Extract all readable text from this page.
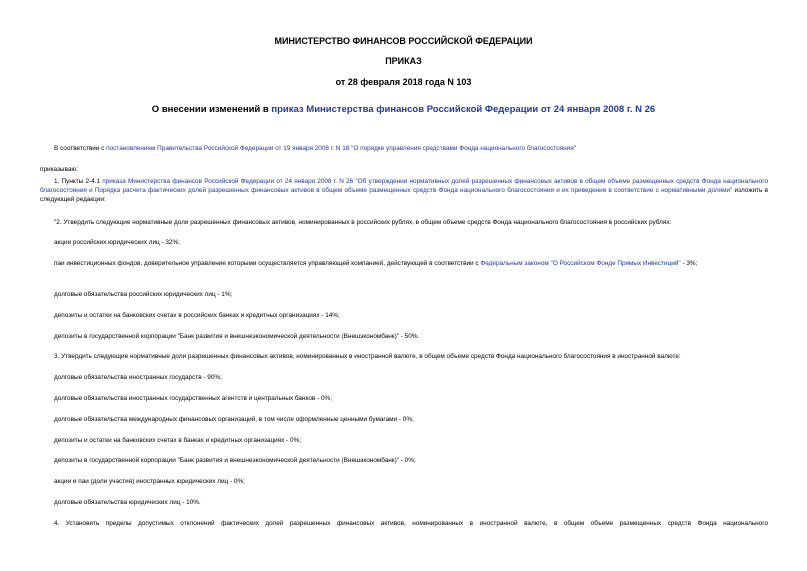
МИНИСТЕРСТВО ФИНАНСОВ РОССИЙСКОЙ ФЕДЕРАЦИИ

ПРИКАЗ

от 28 февраля 2018 года N 103

О внесении изменений в приказ Министерства финансов Российской Федерации от 24 января 2008 г. N 26

В соответствии с постановлением Правительства Российской Федерации от 19 января 2008 г. N 18 "О порядке управления средствами Фонда национального благосостояния"

приказываю:

1. Пункты 2-4.1 приказа Министерства финансов Российской Федерации от 24 января 2008 г. N 26 "Об утверждении нормативных долей разрешенных финансовых активов в общем объеме размещенных средств Фонда национального благосостояния и Порядка расчета фактических долей разрешенных финансовых активов в общем объеме размещенных средств Фонда национального благосостояния и их приведения в соответствие с нормативными долями" изложить в следующей редакции:

"2. Утвердить следующие нормативные доли разрешенных финансовых активов, номинированных в российских рублях, в общем объеме средств Фонда национального благосостояния в российских рублях:

акции российских юридических лиц - 32%;

паи инвестиционных фондов, доверительное управление которыми осуществляется управляющей компанией, действующей в соответствии с Федеральным законом "О Российском Фонде Прямых Инвестиций" - 3%;

долговые обязательства российских юридических лиц - 1%;

депозиты и остатки на банковских счетах в российских банках и кредитных организациях - 14%;

депозиты в государственной корпорации "Банк развития и внешнеэкономической деятельности (Внешэкономбанк)" - 50%.

3. Утвердить следующие нормативные доли разрешенных финансовых активов, номинированных в иностранной валюте, в общем объеме средств Фонда национального благосостояния в иностранной валюте:

долговые обязательства иностранных государств - 90%;

долговые обязательства иностранных государственных агентств и центральных банков - 0%;

долговые обязательства международных финансовых организаций, в том числе оформленные ценными бумагами - 0%;

депозиты и остатки на банковских счетах в банках и кредитных организациях - 0%;

депозиты в государственной корпорации "Банк развития и внешнеэкономической деятельности (Внешэкономбанк)" - 0%;

акции и паи (доли участия) иностранных юридических лиц - 0%;

долговые обязательства юридических лиц - 10%.

4. Установить пределы допустимых отклонений фактических долей разрешенных финансовых активов, номинированных в иностранной валюте, в общем объеме размещенных средств Фонда национального
